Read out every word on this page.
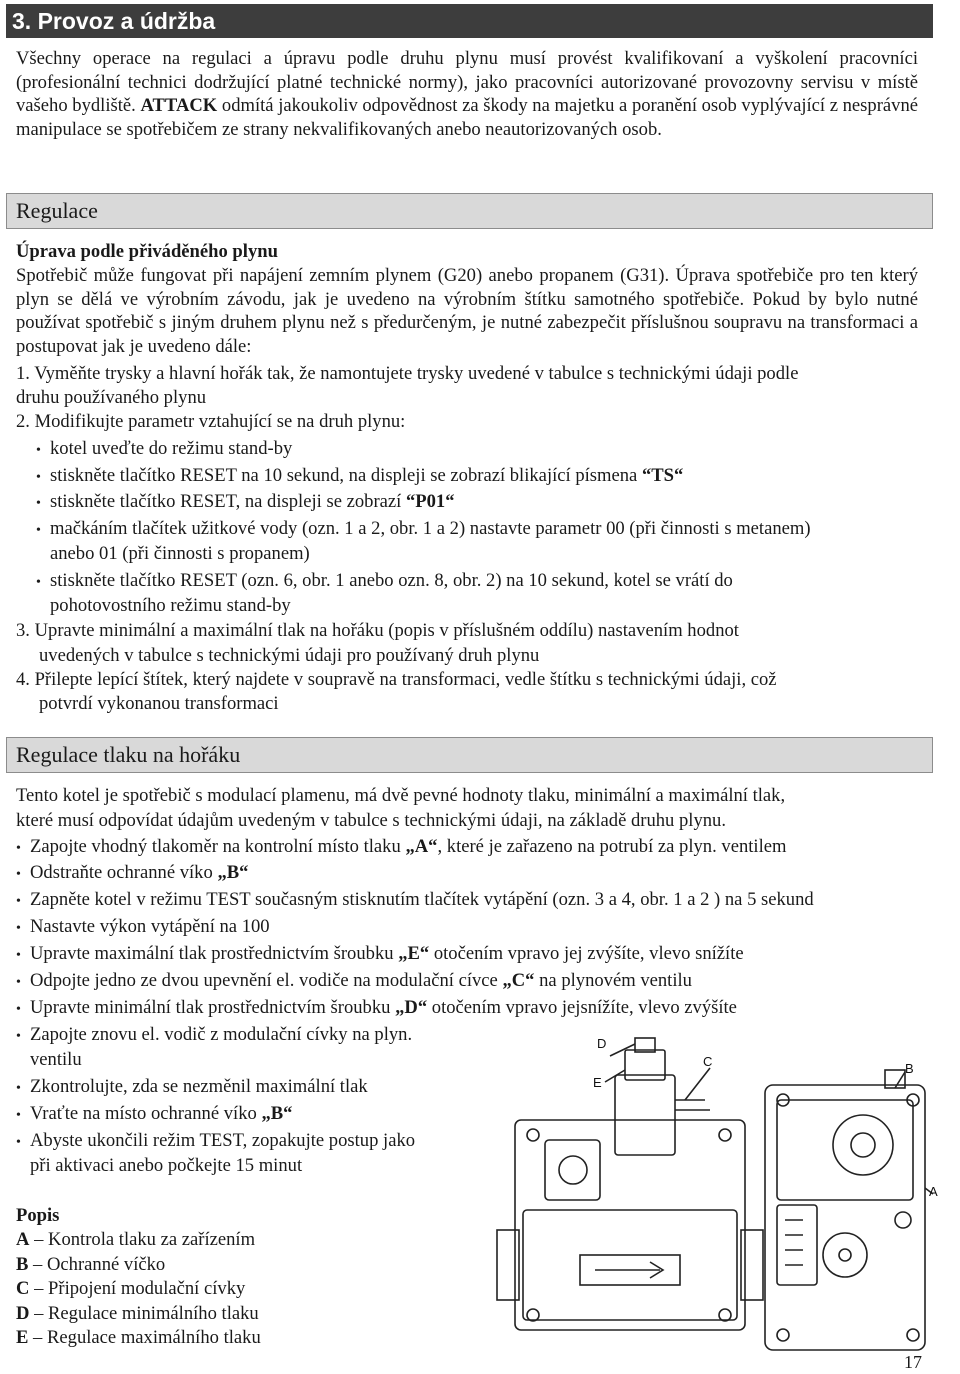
3. Provoz a údržba

Všechny operace na regulaci a úpravu podle druhu plynu musí provést kvalifikovaní a vyškolení pracovníci (profesionální technici dodržující platné technické normy), jako pracovníci autorizované provozovny servisu v místě vašeho bydliště. ATTACK odmítá jakoukoliv odpovědnost za škody na majetku a poranění osob vyplývající z nesprávné manipulace se spotřebičem ze strany nekvalifikovaných anebo neautorizovaných osob.

Regulace
Úprava podle přiváděného plynu

Spotřebič může fungovat při napájení zemním plynem (G20) anebo propanem (G31). Úprava spotřebiče pro ten který plyn se dělá ve výrobním závodu, jak je uvedeno na výrobním štítku samotného spotřebiče. Pokud by bylo nutné používat spotřebič s jiným druhem plynu než s předurčeným, je nutné zabezpečit příslušnou soupravu na transformaci a postupovat jak je uvedeno dále:

1. Vyměňte trysky a hlavní hořák tak, že namontujete trysky uvedené v tabulce s technickými údaji podle
druhu používaného plynu
2. Modifikujte parametr vztahující se na druh plynu:
• kotel uveďte do režimu stand-by
• stiskněte tlačítko RESET na 10 sekund, na displeji se zobrazí blikající písmena “TS“
• stiskněte tlačítko RESET, na displeji se zobrazí “P01“
• mačkáním tlačítek užitkové vody (ozn. 1 a 2, obr. 1 a 2) nastavte parametr 00 (při činnosti s metanem)
anebo 01 (při činnosti s propanem)
• stiskněte tlačítko RESET (ozn. 6, obr. 1 anebo ozn. 8, obr. 2) na 10 sekund, kotel se vrátí do
pohotovostního režimu stand-by
3. Upravte minimální a maximální tlak na hořáku (popis v příslušném oddílu) nastavením hodnot
uvedených v tabulce s technickými údaji pro používaný druh plynu
4. Přilepte lepící štítek, který najdete v soupravě na transformaci, vedle štítku s technickými údaji, což
potvrdí vykonanou transformaci
Regulace tlaku na hořáku
Tento kotel je spotřebič s modulací plamenu, má dvě pevné hodnoty tlaku, minimální a maximální tlak,
které musí odpovídat údajům uvedeným v tabulce s technickými údaji, na základě druhu plynu.
• Zapojte vhodný tlakoměr na kontrolní místo tlaku „A“, které je zařazeno na potrubí za plyn. ventilem
• Odstraňte ochranné víko „B“
• Zapněte kotel v režimu TEST současným stisknutím tlačítek vytápění (ozn. 3 a 4, obr. 1 a 2 ) na 5 sekund
• Nastavte výkon vytápění na 100
• Upravte maximální tlak prostřednictvím šroubku „E“ otočením vpravo jej zvýšíte, vlevo snížíte
• Odpojte jedno ze dvou upevnění el. vodiče na modulační cívce „C“ na plynovém ventilu
• Upravte minimální tlak prostřednictvím šroubku „D“ otočením vpravo jejsnížíte, vlevo zvýšíte
• Zapojte znovu el. vodič z modulační cívky na plyn.
ventilu
• Zkontrolujte, zda se nezměnil maximální tlak
• Vraťte na místo ochranné víko „B“
• Abyste ukončili režim TEST, zopakujte postup jako
při aktivaci anebo počkejte 15 minut
Popis
A – Kontrola tlaku za zařízením
B – Ochranné víčko
C – Připojení modulační cívky
D – Regulace minimálního tlaku
E – Regulace maximálního tlaku
D
E
C	B
A
17
